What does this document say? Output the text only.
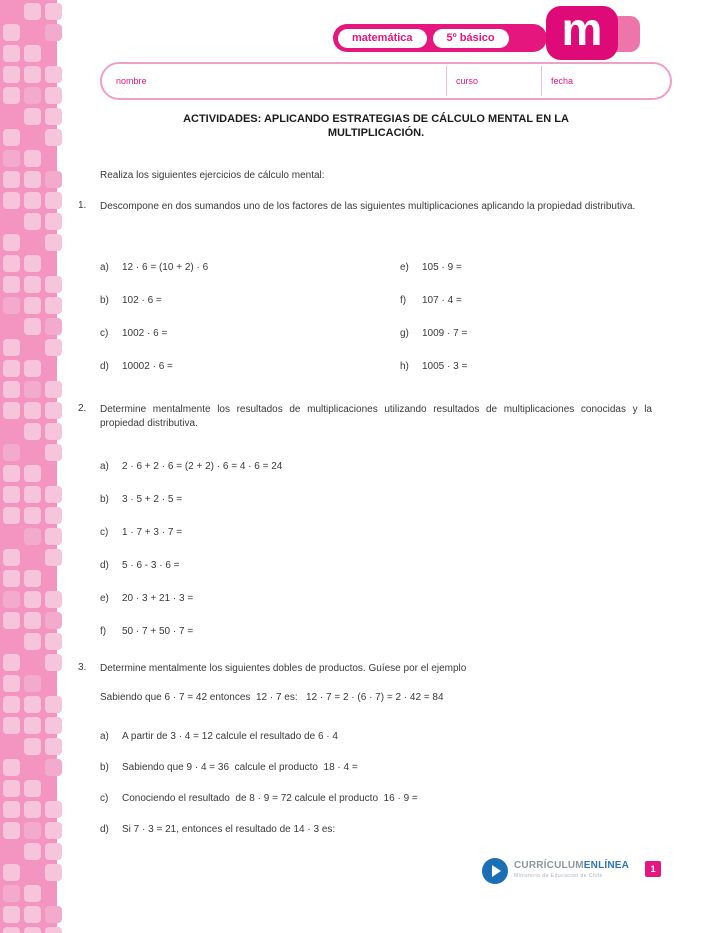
matemática	5º básico	m
nombre	curso	fecha
ACTIVIDADES: APLICANDO ESTRATEGIAS DE CÁLCULO MENTAL EN LA
MULTIPLICACIÓN.
Realiza los siguientes ejercicios de cálculo mental:
1. Descompone en dos sumandos uno de los factores de las siguientes multiplicaciones aplicando la propiedad distributiva.
a) 12 · 6 = (10 + 2) · 6
b) 102 · 6 =
c) 1002 · 6 =
d) 10002 · 6 =
e) 105 · 9 =
f) 107 · 4 =
g) 1009 · 7 =
h) 1005 · 3 =
2. Determine mentalmente los resultados de multiplicaciones utilizando resultados de multiplicaciones conocidas y la propiedad distributiva.
a) 2 · 6 + 2 · 6 = (2 + 2) · 6 = 4 · 6 = 24
b) 3 · 5 + 2 · 5 =
c) 1 · 7 + 3 · 7 =
d) 5 · 6 - 3 · 6 =
e) 20 · 3 + 21 · 3 =
f) 50 · 7 + 50 · 7 =
3. Determine mentalmente los siguientes dobles de productos. Guíese por el ejemplo
Sabiendo que 6 · 7 = 42 entonces  12 · 7 es:   12 · 7 = 2 · (6 · 7) = 2 · 42 = 84
a) A partir de 3 · 4 = 12 calcule el resultado de 6 · 4
b) Sabiendo que 9 · 4 = 36  calcule el producto  18 · 4 =
c) Conociendo el resultado  de 8 · 9 = 72 calcule el producto  16 · 9 =
d) Si 7 · 3 = 21, entonces el resultado de 14 · 3 es:
CURRÍCULUMENLÍNEA
Ministerio de Educación de Chile
1
